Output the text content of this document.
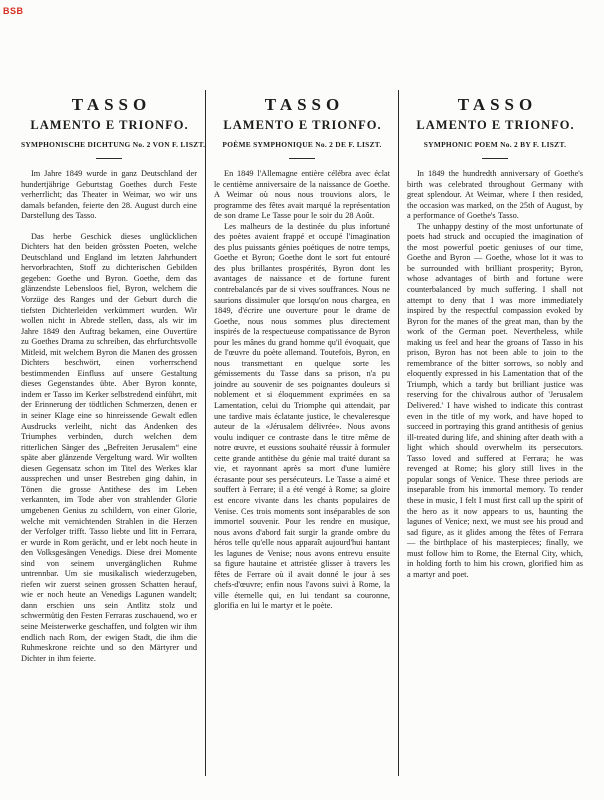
BSB
TASSO
LAMENTO E TRIONFO.
SYMPHONISCHE DICHTUNG No. 2 VON F. LISZT.

Im Jahre 1849 wurde in ganz Deutschland der hundertjährige Geburtstag Goethes durch Feste verherrlicht; das Theater in Weimar, wo wir uns damals befanden, feierte den 28. August durch eine Darstellung des Tasso.

Das herbe Geschick dieses unglücklichen Dichters hat den beiden grössten Poeten, welche Deutschland und England im letzten Jahrhundert hervorbrachten, Stoff zu dichterischen Gebilden gegeben: Goethe und Byron. Goethe, dem das glänzendste Lebensloos fiel, Byron, welchem die Vorzüge des Ranges und der Geburt durch die tiefsten Dichterleiden verkümmert wurden. Wir wollen nicht in Abrede stellen, dass, als wir im Jahre 1849 den Auftrag bekamen, eine Ouvertüre zu Goethes Drama zu schreiben, das ehrfurchtsvolle Mitleid, mit welchem Byron die Manen des grossen Dichters beschwört, einen vorherrschend bestimmenden Einfluss auf unsere Gestaltung dieses Gegenstandes übte. Aber Byron konnte, indem er Tasso im Kerker selbstredend einführt, mit der Erinnerung der tödtlichen Schmerzen, denen er in seiner Klage eine so hinreissende Gewalt edlen Ausdrucks verleiht, nicht das Andenken des Triumphes verbinden, durch welchen dem ritterlichen Sänger des „Befreiten Jerusalem“ eine späte aber glänzende Vergeltung ward. Wir wollten diesen Gegensatz schon im Titel des Werkes klar aussprechen und unser Bestreben ging dahin, in Tönen die grosse Antithese des im Leben verkannten, im Tode aber von strahlender Glorie umgebenen Genius zu schildern, von einer Glorie, welche mit vernichtenden Strahlen in die Herzen der Verfolger trifft. Tasso liebte und litt in Ferrara, er wurde in Rom gerächt, und er lebt noch heute in den Volksgesängen Venedigs. Diese drei Momente sind von seinem unvergänglichen Ruhme untrennbar. Um sie musikalisch wiederzugeben, riefen wir zuerst seinen grossen Schatten herauf, wie er noch heute an Venedigs Lagunen wandelt; dann erschien uns sein Antlitz stolz und schwermütig den Festen Ferraras zuschauend, wo er seine Meisterwerke geschaffen, und folgten wir ihm endlich nach Rom, der ewigen Stadt, die ihm die Ruhmeskrone reichte und so den Märtyrer und Dichter in ihm feierte.

TASSO
LAMENTO E TRIONFO.
POÈME SYMPHONIQUE No. 2 DE F. LISZT.

En 1849 l'Allemagne entière célébra avec éclat le centième anniversaire de la naissance de Goethe. A Weimar où nous nous trouvions alors, le programme des fêtes avait marqué la représentation de son drame Le Tasse pour le soir du 28 Août.

Les malheurs de la destinée du plus infortuné des poètes avaient frappé et occupé l'imagination des plus puissants génies poétiques de notre temps, Goethe et Byron; Goethe dont le sort fut entouré des plus brillantes prospérités, Byron dont les avantages de naissance et de fortune furent contrebalancés par de si vives souffrances. Nous ne saurions dissimuler que lorsqu'on nous chargea, en 1849, d'écrire une ouverture pour le drame de Goethe, nous nous sommes plus directement inspirés de la respectueuse compatissance de Byron pour les mânes du grand homme qu'il évoquait, que de l'œuvre du poète allemand. Toutefois, Byron, en nous transmettant en quelque sorte les gémissements du Tasse dans sa prison, n'a pu joindre au souvenir de ses poignantes douleurs si noblement et si éloquemment exprimées en sa Lamentation, celui du Triomphe qui attendait, par une tardive mais éclatante justice, le chevaleresque auteur de la «Jérusalem délivrée». Nous avons voulu indiquer ce contraste dans le titre même de notre œuvre, et eussions souhaité réussir à formuler cette grande antithèse du génie mal traité durant sa vie, et rayonnant après sa mort d'une lumière écrasante pour ses persécuteurs. Le Tasse a aimé et souffert à Ferrare; il a été vengé à Rome; sa gloire est encore vivante dans les chants populaires de Venise. Ces trois moments sont inséparables de son immortel souvenir. Pour les rendre en musique, nous avons d'abord fait surgir la grande ombre du héros telle qu'elle nous apparaît aujourd'hui hantant les lagunes de Venise; nous avons entrevu ensuite sa figure hautaine et attristée glisser à travers les fêtes de Ferrare où il avait donné le jour à ses chefs-d'œuvre; enfin nous l'avons suivi à Rome, la ville éternelle qui, en lui tendant sa couronne, glorifia en lui le martyr et le poète.

TASSO
LAMENTO E TRIONFO.
SYMPHONIC POEM No. 2 BY F. LISZT.

In 1849 the hundredth anniversary of Goethe's birth was celebrated throughout Germany with great splendour. At Weimar, where I then resided, the occasion was marked, on the 25th of August, by a performance of Goethe's Tasso.

The unhappy destiny of the most unfortunate of poets had struck and occupied the imagination of the most powerful poetic geniuses of our time, Goethe and Byron — Goethe, whose lot it was to be surrounded with brilliant prosperity; Byron, whose advantages of birth and fortune were counterbalanced by much suffering. I shall not attempt to deny that I was more immediately inspired by the respectful compassion evoked by Byron for the manes of the great man, than by the work of the German poet. Nevertheless, while making us feel and hear the groans of Tasso in his prison, Byron has not been able to join to the remembrance of the bitter sorrows, so nobly and eloquently expressed in his Lamentation that of the Triumph, which a tardy but brilliant justice was reserving for the chivalrous author of 'Jerusalem Delivered.' I have wished to indicate this contrast even in the title of my work, and have hoped to succeed in portraying this grand antithesis of genius ill-treated during life, and shining after death with a light which should overwhelm its persecutors. Tasso loved and suffered at Ferrara; he was revenged at Rome; his glory still lives in the popular songs of Venice. These three periods are inseparable from his immortal memory. To render these in music, I felt I must first call up the spirit of the hero as it now appears to us, haunting the lagunes of Venice; next, we must see his proud and sad figure, as it glides among the fêtes of Ferrara — the birthplace of his masterpieces; finally, we must follow him to Rome, the Eternal City, which, in holding forth to him his crown, glorified him as a martyr and poet.
